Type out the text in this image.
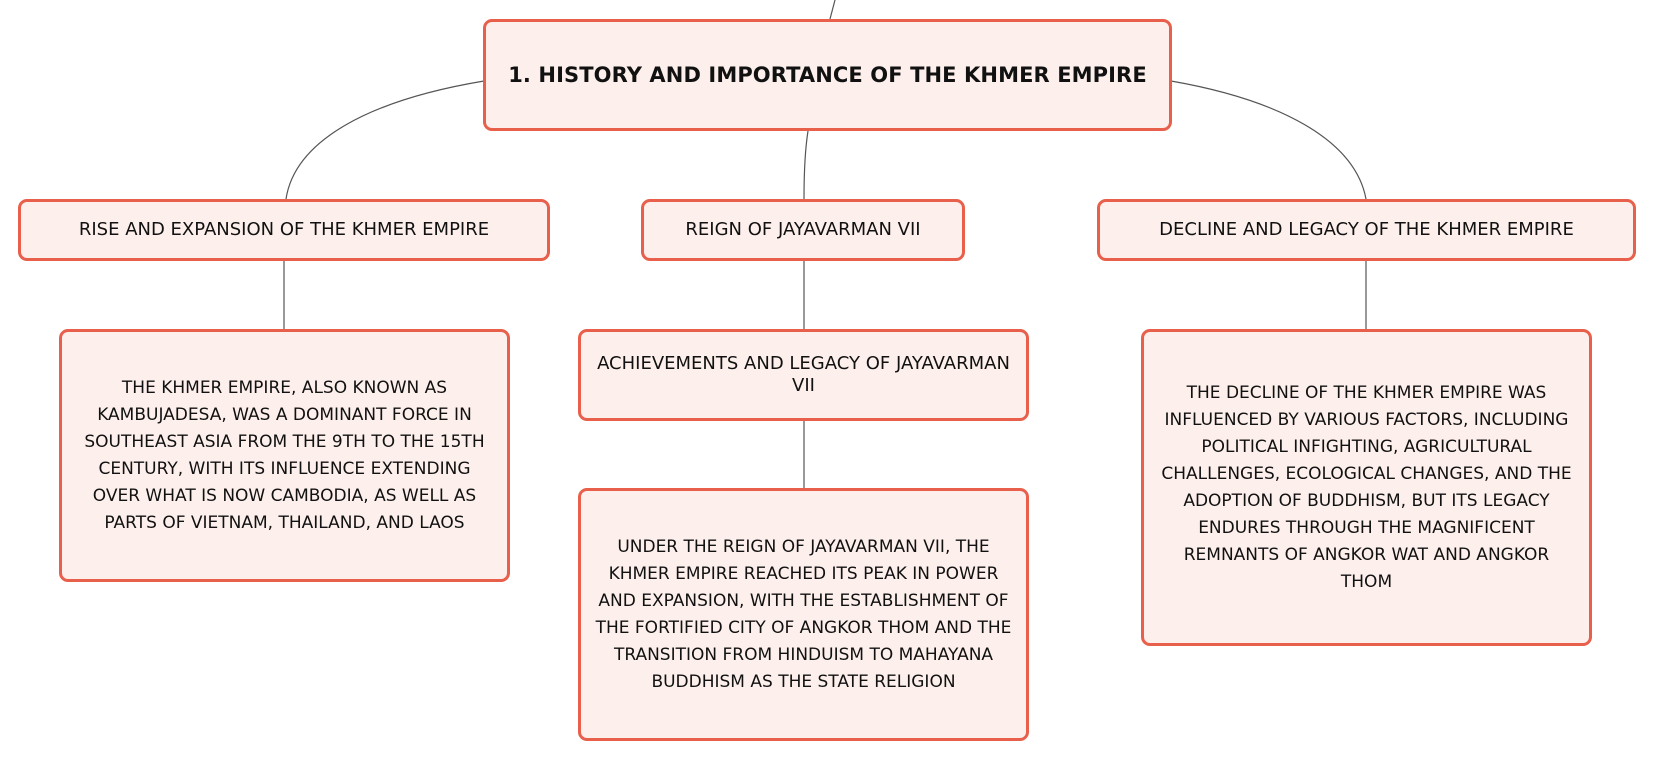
1. HISTORY AND IMPORTANCE OF THE KHMER EMPIRE
RISE AND EXPANSION OF THE KHMER EMPIRE	REIGN OF JAYAVARMAN VII	DECLINE AND LEGACY OF THE KHMER EMPIRE
ACHIEVEMENTS AND LEGACY OF JAYAVARMAN VII
THE KHMER EMPIRE, ALSO KNOWN AS KAMBUJADESA, WAS A DOMINANT FORCE IN SOUTHEAST ASIA FROM THE 9TH TO THE 15TH CENTURY, WITH ITS INFLUENCE EXTENDING OVER WHAT IS NOW CAMBODIA, AS WELL AS PARTS OF VIETNAM, THAILAND, AND LAOS
UNDER THE REIGN OF JAYAVARMAN VII, THE KHMER EMPIRE REACHED ITS PEAK IN POWER AND EXPANSION, WITH THE ESTABLISHMENT OF THE FORTIFIED CITY OF ANGKOR THOM AND THE TRANSITION FROM HINDUISM TO MAHAYANA BUDDHISM AS THE STATE RELIGION
THE DECLINE OF THE KHMER EMPIRE WAS INFLUENCED BY VARIOUS FACTORS, INCLUDING POLITICAL INFIGHTING, AGRICULTURAL CHALLENGES, ECOLOGICAL CHANGES, AND THE ADOPTION OF BUDDHISM, BUT ITS LEGACY ENDURES THROUGH THE MAGNIFICENT REMNANTS OF ANGKOR WAT AND ANGKOR THOM
